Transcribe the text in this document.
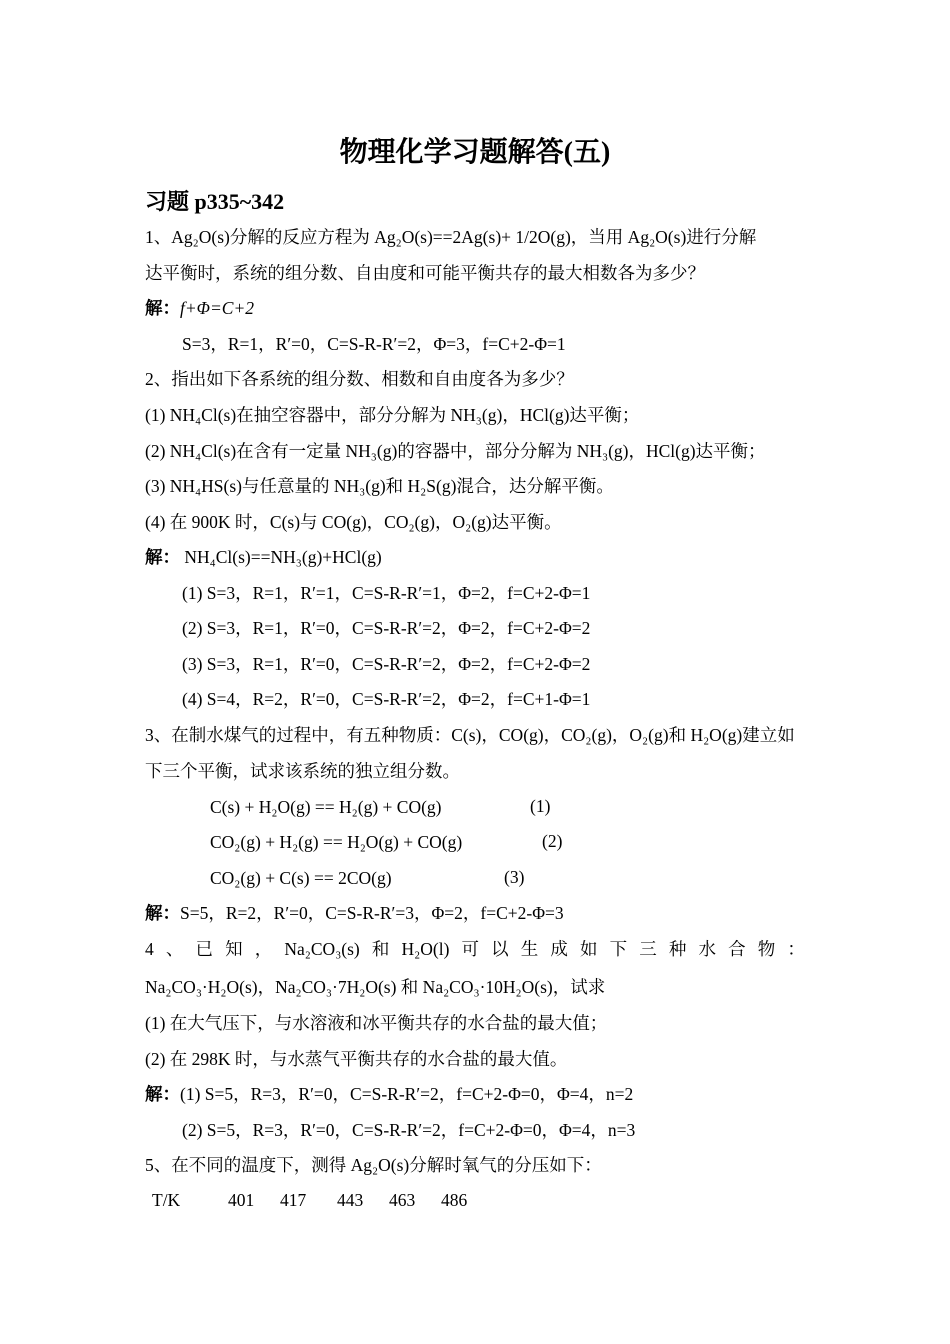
物理化学习题解答(五)
习题 p335~342
1、Ag₂O(s)分解的反应方程为 Ag₂O(s)==2Ag(s)+ 1/2O(g)，当用 Ag₂O(s)进行分解
达平衡时，系统的组分数、自由度和可能平衡共存的最大相数各为多少？
解：f+Φ=C+2
S=3，R=1，R′=0，C=S-R-R′=2，Φ=3，f=C+2-Φ=1
2、指出如下各系统的组分数、相数和自由度各为多少？
(1) NH₄Cl(s)在抽空容器中，部分分解为 NH₃(g)，HCl(g)达平衡；
(2) NH₄Cl(s)在含有一定量 NH₃(g)的容器中，部分分解为 NH₃(g)，HCl(g)达平衡；
(3) NH₄HS(s)与任意量的 NH₃(g)和 H₂S(g)混合，达分解平衡。
(4) 在 900K 时，C(s)与 CO(g)，CO₂(g)，O₂(g)达平衡。
解： NH₄Cl(s)==NH₃(g)+HCl(g)
(1) S=3，R=1，R′=1，C=S-R-R′=1，Φ=2，f=C+2-Φ=1
(2) S=3，R=1，R′=0，C=S-R-R′=2，Φ=2，f=C+2-Φ=2
(3) S=3，R=1，R′=0，C=S-R-R′=2，Φ=2，f=C+2-Φ=2
(4) S=4，R=2，R′=0，C=S-R-R′=2，Φ=2，f=C+1-Φ=1
3、在制水煤气的过程中，有五种物质：C(s)，CO(g)，CO₂(g)，O₂(g)和 H₂O(g)建立如
下三个平衡，试求该系统的独立组分数。
C(s) + H₂O(g) == H₂(g) + CO(g)	(1)
CO₂(g) + H₂(g) == H₂O(g) + CO(g)	(2)
CO₂(g) + C(s) == 2CO(g)	(3)
解：S=5，R=2，R′=0，C=S-R-R′=3，Φ=2，f=C+2-Φ=3
4 、 已 知 ， Na₂CO₃(s) 和 H₂O(l) 可 以 生 成 如 下 三 种 水 合 物 ：
Na₂CO₃·H₂O(s)，Na₂CO₃·7H₂O(s) 和 Na₂CO₃·10H₂O(s)，试求
(1) 在大气压下，与水溶液和冰平衡共存的水合盐的最大值；
(2) 在 298K 时，与水蒸气平衡共存的水合盐的最大值。
解：(1) S=5，R=3，R′=0，C=S-R-R′=2，f=C+2-Φ=0，Φ=4，n=2
(2) S=5，R=3，R′=0，C=S-R-R′=2，f=C+2-Φ=0，Φ=4，n=3
5、在不同的温度下，测得 Ag₂O(s)分解时氧气的分压如下：
T/K	401 417 443 463 486
